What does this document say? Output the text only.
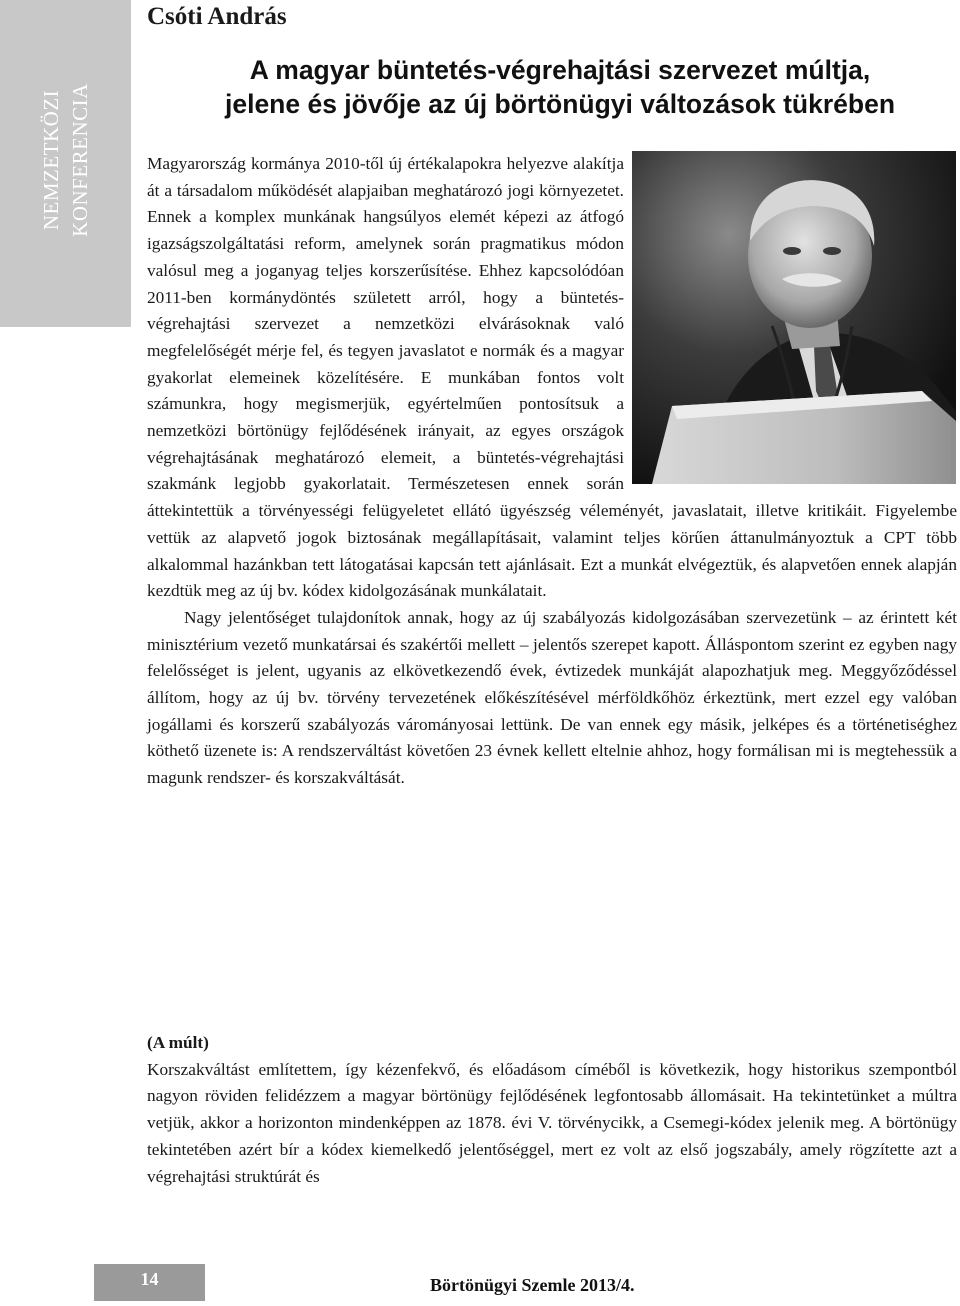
NEMZETKÖZI KONFERENCIA
Csóti András
A magyar büntetés-végrehajtási szervezet múltja,
jelene és jövője az új börtönügyi változások tükrében

Magyarország kormánya 2010-től új értékalapokra helyezve alakítja át a társadalom működését alapjaiban meghatározó jogi környezetet. Ennek a komplex munkának hangsúlyos elemét képezi az átfogó igazságszolgáltatási reform, amelynek során pragmatikus módon valósul meg a joganyag teljes korszerűsítése. Ehhez kapcsolódóan 2011-ben kormánydöntés született arról, hogy a büntetés-végrehajtási szervezet a nemzetközi elvárásoknak való megfelelőségét mérje fel, és tegyen javaslatot e normák és a magyar gyakorlat elemeinek közelítésére. E munkában fontos volt számunkra, hogy megismerjük, egyértelműen pontosítsuk a nemzetközi börtönügy fejlődésének irányait, az egyes országok végrehajtásának meghatározó elemeit, a büntetés-végrehajtási szakmánk legjobb gyakorlatait. Természetesen ennek során áttekintettük a törvényességi felügyeletet ellátó ügyészség véleményét, javaslatait, illetve kritikáit. Figyelembe vettük az alapvető jogok biztosának megállapításait, valamint teljes körűen áttanulmányoztuk a CPT több alkalommal hazánkban tett látogatásai kapcsán tett ajánlásait. Ezt a munkát elvégeztük, és alapvetően ennek alapján kezdtük meg az új bv. kódex kidolgozásának munkálatait.

Nagy jelentőséget tulajdonítok annak, hogy az új szabályozás kidolgozásában szervezetünk – az érintett két minisztérium vezető munkatársai és szakértői mellett – jelentős szerepet kapott. Álláspontom szerint ez egyben nagy felelősséget is jelent, ugyanis az elkövetkezendő évek, évtizedek munkáját alapozhatjuk meg. Meggyőződéssel állítom, hogy az új bv. törvény tervezetének előkészítésével mérföldkőhöz érkeztünk, mert ezzel egy valóban jogállami és korszerű szabályozás várományosai lettünk. De van ennek egy másik, jelképes és a történetiséghez köthető üzenete is: A rendszerváltást követően 23 évnek kellett eltelnie ahhoz, hogy formálisan mi is megtehessük a magunk rendszer- és korszakváltását.

(A múlt)

Korszakváltást említettem, így kézenfekvő, és előadásom címéből is következik, hogy historikus szempontból nagyon röviden felidézzem a magyar börtönügy fejlődésének legfontosabb állomásait. Ha tekintetünket a múltra vetjük, akkor a horizonton mindenképpen az 1878. évi V. törvénycikk, a Csemegi-kódex jelenik meg. A börtönügy tekintetében azért bír a kódex kiemelkedő jelentőséggel, mert ez volt az első jogszabály, amely rögzítette azt a végrehajtási struktúrát és

14	Börtönügyi Szemle 2013/4.
